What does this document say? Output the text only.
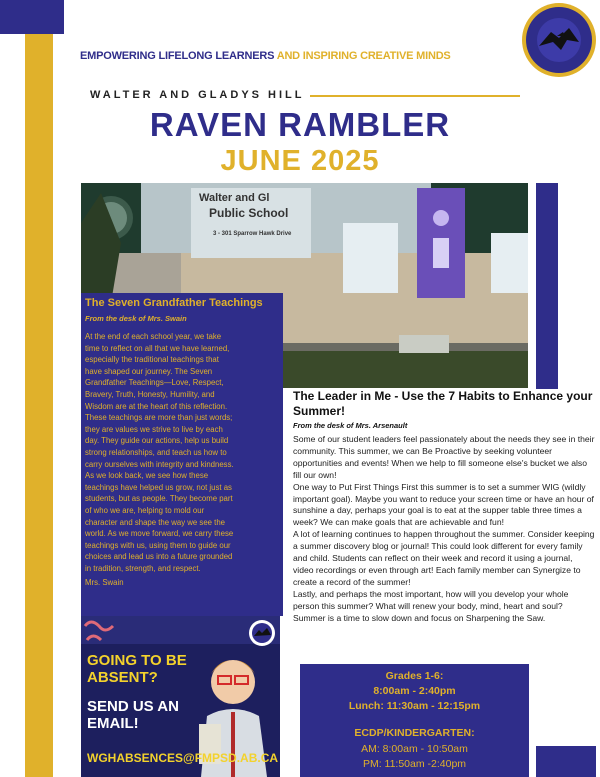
EMPOWERING LIFELONG LEARNERS AND INSPIRING CREATIVE MINDS
WALTER AND GLADYS HILL
RAVEN RAMBLER
JUNE 2025
Walter and Gl
Public School
3 - 301 Sparrow Hawk Drive
The Seven Grandfather Teachings
From the desk of Mrs. Swain
At the end of each school year, we take
time to reflect on all that we have learned,
especially the traditional teachings that
have shaped our journey. The Seven
Grandfather Teachings—Love, Respect,
Bravery, Truth, Honesty, Humility, and
Wisdom are at the heart of this reflection.
These teachings are more than just words;
they are values we strive to live by each
day. They guide our actions, help us build
strong relationships, and teach us how to
carry ourselves with integrity and kindness.
As we look back, we see how these
teachings have helped us grow, not just as
students, but as people. They become part
of who we are, helping to mold our
character and shape the way we see the
world. As we move forward, we carry these
teachings with us, using them to guide our
choices and lead us into a future grounded
in tradition, strength, and respect.
Mrs. Swain
The Leader in Me - Use the 7 Habits to Enhance your Summer!
From the desk of Mrs. Arsenault

Some of our student leaders feel passionately about the needs they see in their community. This summer, we can Be Proactive by seeking volunteer opportunities and events! When we help to fill someone else's bucket we also fill our own!

One way to Put First Things First this summer is to set a summer WIG (wildly important goal). Maybe you want to reduce your screen time or have an hour of sunshine a day, perhaps your goal is to eat at the supper table three times a week? We can make goals that are achievable and fun!

A lot of learning continues to happen throughout the summer. Consider keeping a summer discovery blog or journal! This could look different for every family and child. Students can reflect on their week and record it using a journal, video recordings or even through art! Each family member can Synergize to create a record of the summer!

Lastly, and perhaps the most important, how will you develop your whole person this summer? What will renew your body, mind, heart and soul? Summer is a time to slow down and focus on Sharpening the Saw.

GOING TO BE
ABSENT?
SEND US AN
EMAIL!
WGHABSENCES@FMPSD.AB.CA
Grades 1-6:
8:00am - 2:40pm
Lunch: 11:30am - 12:15pm
ECDP/KINDERGARTEN:
AM: 8:00am - 10:50am
PM: 11:50am -2:40pm
